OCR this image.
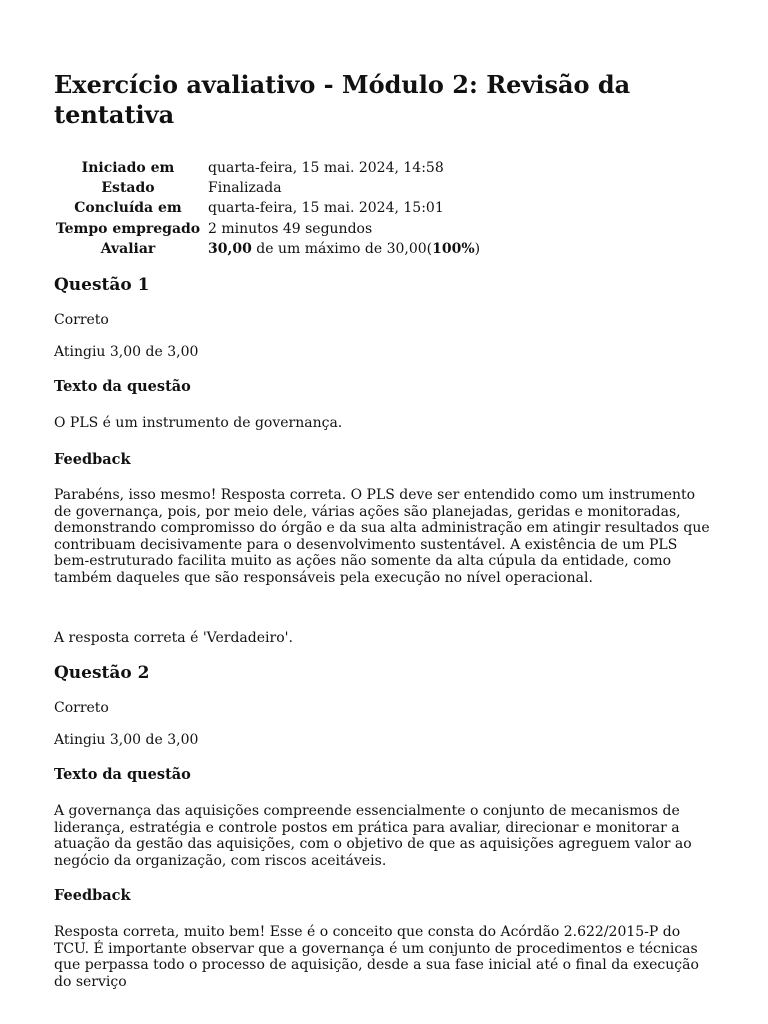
Exercício avaliativo - Módulo 2: Revisão da tentativa
Iniciado em	quarta-feira, 15 mai. 2024, 14:58
Estado	Finalizada
Concluída em	quarta-feira, 15 mai. 2024, 15:01
Tempo empregado	2 minutos 49 segundos
Avaliar	30,00 de um máximo de 30,00(100%)
Questão 1

Correto

Atingiu 3,00 de 3,00

Texto da questão

O PLS é um instrumento de governança.

Feedback

Parabéns, isso mesmo! Resposta correta. O PLS deve ser entendido como um instrumento de governança, pois, por meio dele, várias ações são planejadas, geridas e monitoradas, demonstrando compromisso do órgão e da sua alta administração em atingir resultados que contribuam decisivamente para o desenvolvimento sustentável. A existência de um PLS bem-estruturado facilita muito as ações não somente da alta cúpula da entidade, como também daqueles que são responsáveis pela execução no nível operacional.

A resposta correta é 'Verdadeiro'.

Questão 2

Correto

Atingiu 3,00 de 3,00

Texto da questão

A governança das aquisições compreende essencialmente o conjunto de mecanismos de liderança, estratégia e controle postos em prática para avaliar, direcionar e monitorar a atuação da gestão das aquisições, com o objetivo de que as aquisições agreguem valor ao negócio da organização, com riscos aceitáveis.

Feedback

Resposta correta, muito bem! Esse é o conceito que consta do Acórdão 2.622/2015-P do TCU. É importante observar que a governança é um conjunto de procedimentos e técnicas que perpassa todo o processo de aquisição, desde a sua fase inicial até o final da execução do serviço
